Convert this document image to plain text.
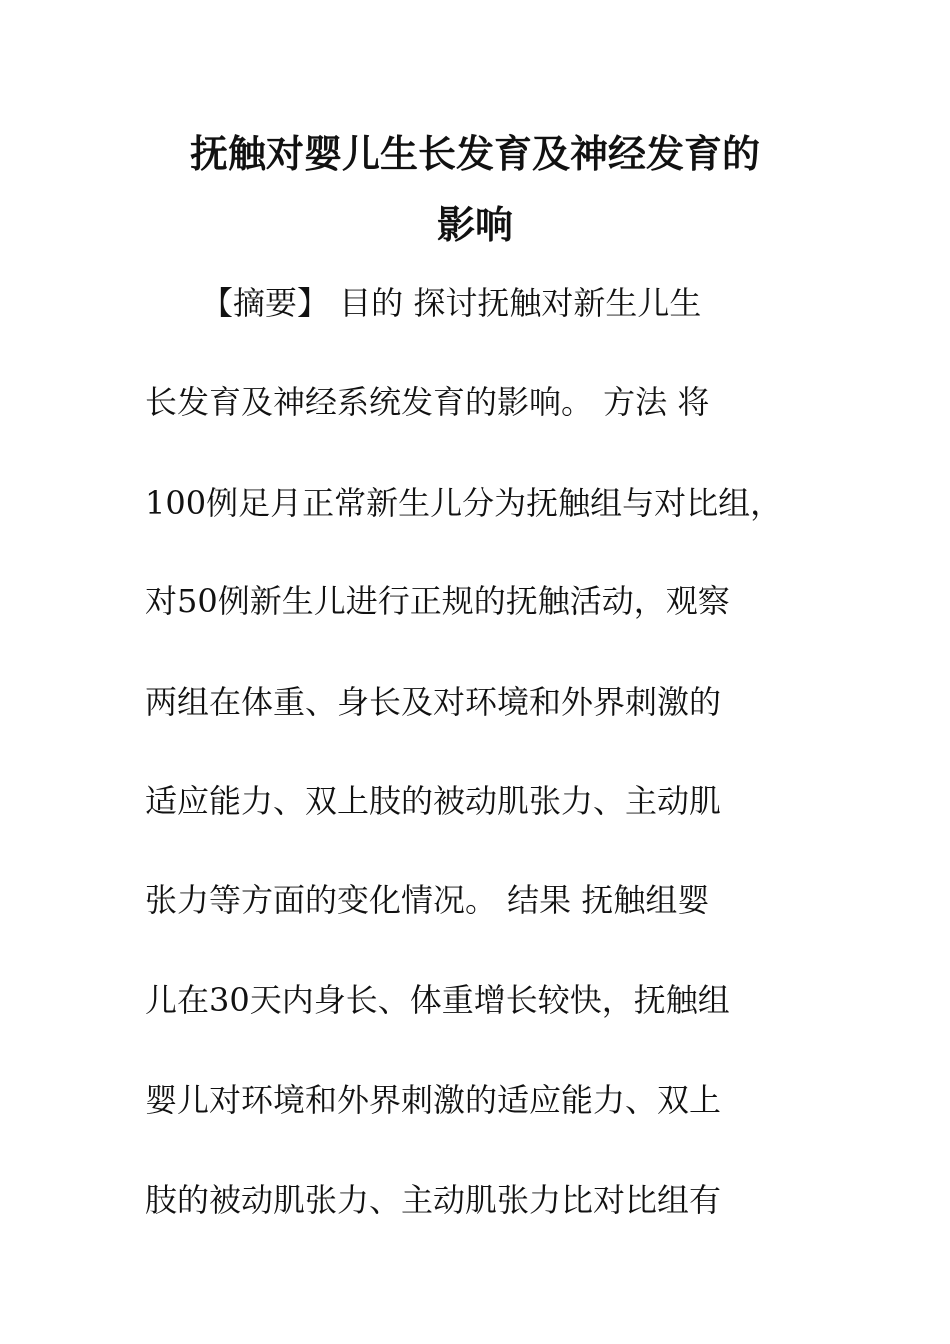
抚触对婴儿生长发育及神经发育的
影响

　【摘要】 目的 探讨抚触对新生儿生

长发育及神经系统发育的影响。 方法 将

100例足月正常新生儿分为抚触组与对比组，

对50例新生儿进行正规的抚触活动，观察

两组在体重、身长及对环境和外界刺激的

适应能力、双上肢的被动肌张力、主动肌

张力等方面的变化情况。 结果 抚触组婴

儿在30天内身长、体重增长较快，抚触组

婴儿对环境和外界刺激的适应能力、双上

肢的被动肌张力、主动肌张力比对比组有
